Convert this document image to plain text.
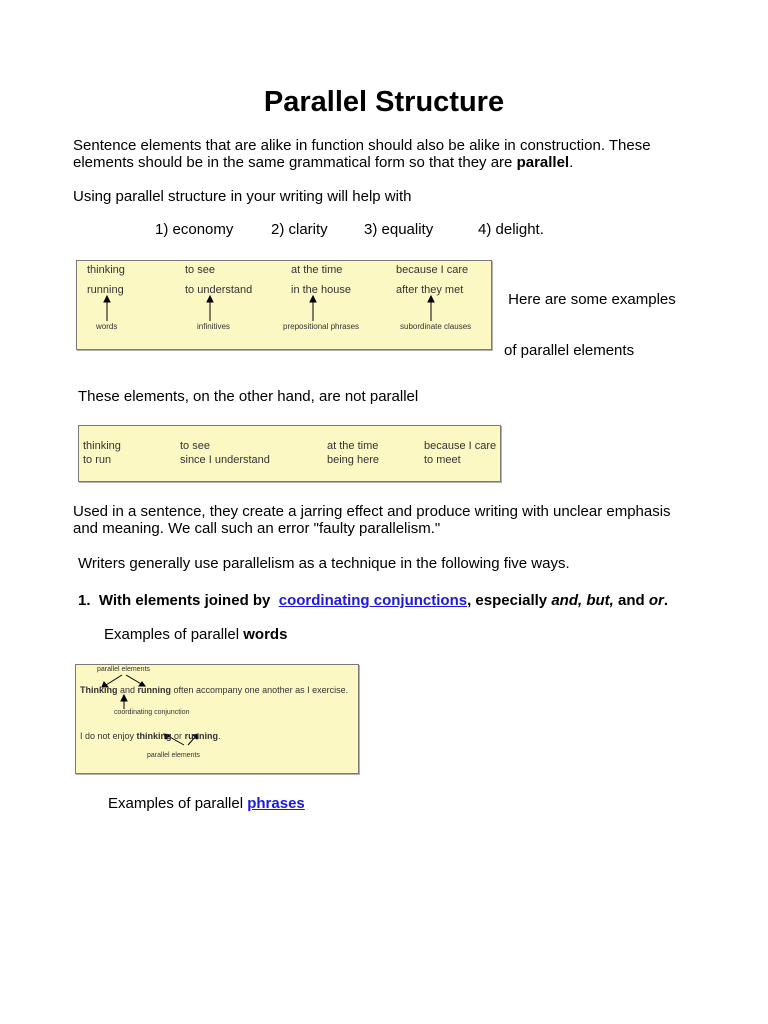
Parallel Structure
Sentence elements that are alike in function should also be alike in construction. These
elements should be in the same grammatical form so that they are parallel.
Using parallel structure in your writing will help with
1) economy	2) clarity 3) equality	4) delight.
thinking
running
words
to see
to understand
infinitives
at the time
in the house
prepositional phrases
because I care
after they met
subordinate clauses

Here are some examples

of parallel elements

These elements, on the other hand, are not parallel
thinking
to run
to see
since I understand
at the time
being here
because I care
to meet
Used in a sentence, they create a jarring effect and produce writing with unclear emphasis
and meaning. We call such an error "faulty parallelism."
Writers generally use parallelism as a technique in the following five ways.
1.  With elements joined by  coordinating conjunctions, especially and, but, and or.
Examples of parallel words
parallel elements
Thinking and running often accompany one another as I exercise.
coordinating conjunction
I do not enjoy thinking or running.
parallel elements
Examples of parallel phrases
